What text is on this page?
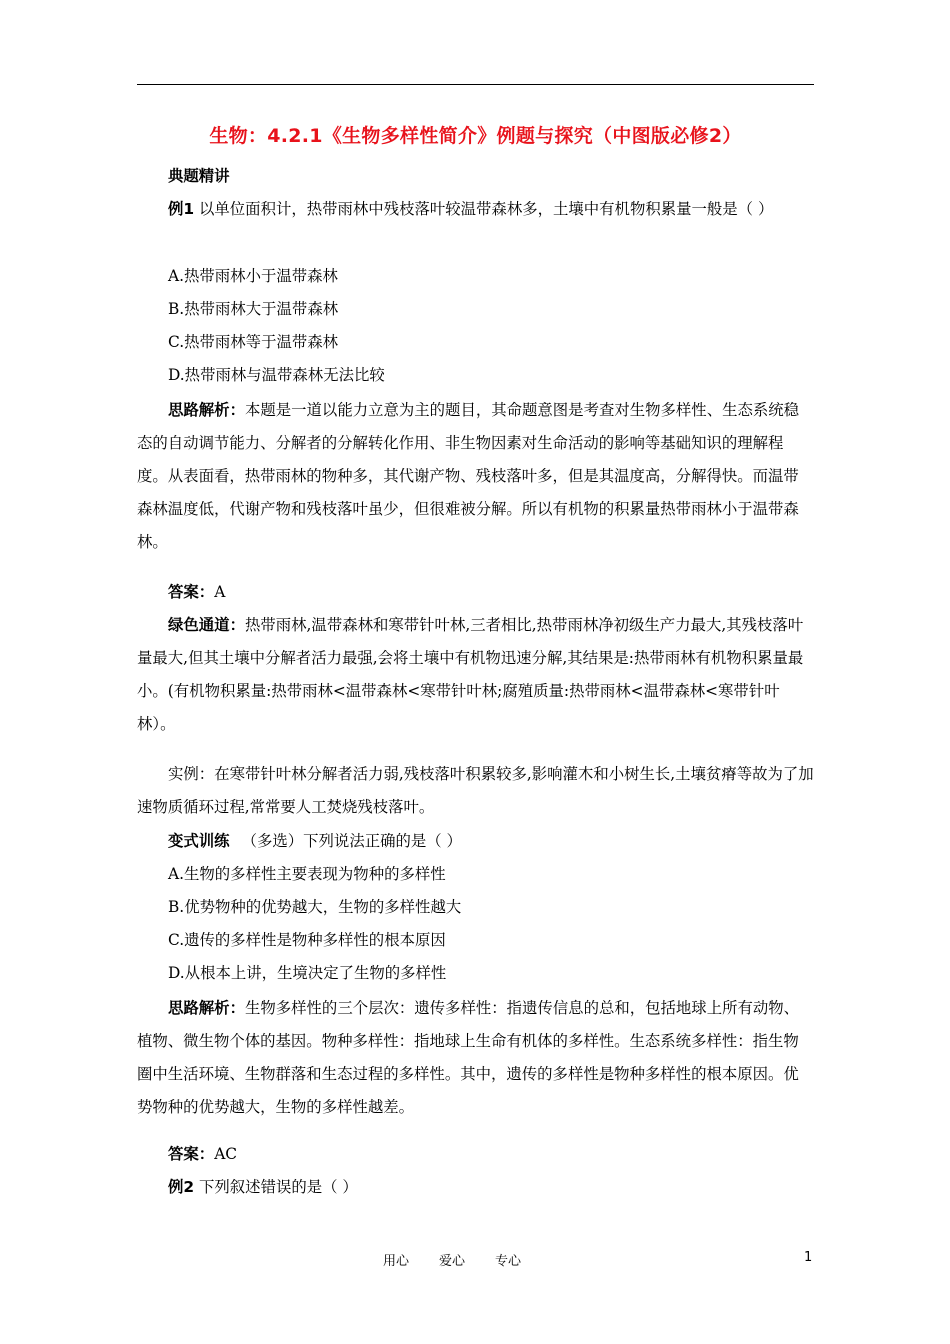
生物：4.2.1《生物多样性简介》例题与探究（中图版必修2）
典题精讲

例1 以单位面积计，热带雨林中残枝落叶较温带森林多，土壤中有机物积累量一般是（ ）

A.热带雨林小于温带森林

B.热带雨林大于温带森林

C.热带雨林等于温带森林

D.热带雨林与温带森林无法比较

思路解析：本题是一道以能力立意为主的题目，其命题意图是考查对生物多样性、生态系统稳态的自动调节能力、分解者的分解转化作用、非生物因素对生命活动的影响等基础知识的理解程度。从表面看，热带雨林的物种多，其代谢产物、残枝落叶多，但是其温度高，分解得快。而温带森林温度低，代谢产物和残枝落叶虽少，但很难被分解。所以有机物的积累量热带雨林小于温带森林。

答案：A

绿色通道：热带雨林,温带森林和寒带针叶林,三者相比,热带雨林净初级生产力最大,其残枝落叶量最大,但其土壤中分解者活力最强,会将土壤中有机物迅速分解,其结果是:热带雨林有机物积累量最小。(有机物积累量:热带雨林<温带森林<寒带针叶林;腐殖质量:热带雨林<温带森林<寒带针叶林）。

实例：在寒带针叶林分解者活力弱,残枝落叶积累较多,影响灌木和小树生长,土壤贫瘠等故为了加速物质循环过程,常常要人工焚烧残枝落叶。

变式训练 （多选）下列说法正确的是（ ）

A.生物的多样性主要表现为物种的多样性

B.优势物种的优势越大，生物的多样性越大

C.遗传的多样性是物种多样性的根本原因

D.从根本上讲，生境决定了生物的多样性

思路解析：生物多样性的三个层次：遗传多样性：指遗传信息的总和，包括地球上所有动物、植物、微生物个体的基因。物种多样性：指地球上生命有机体的多样性。生态系统多样性：指生物圈中生活环境、生物群落和生态过程的多样性。其中，遗传的多样性是物种多样性的根本原因。优势物种的优势越大，生物的多样性越差。

答案：AC

例2 下列叙述错误的是（ ）

用心 爱心 专心	1
